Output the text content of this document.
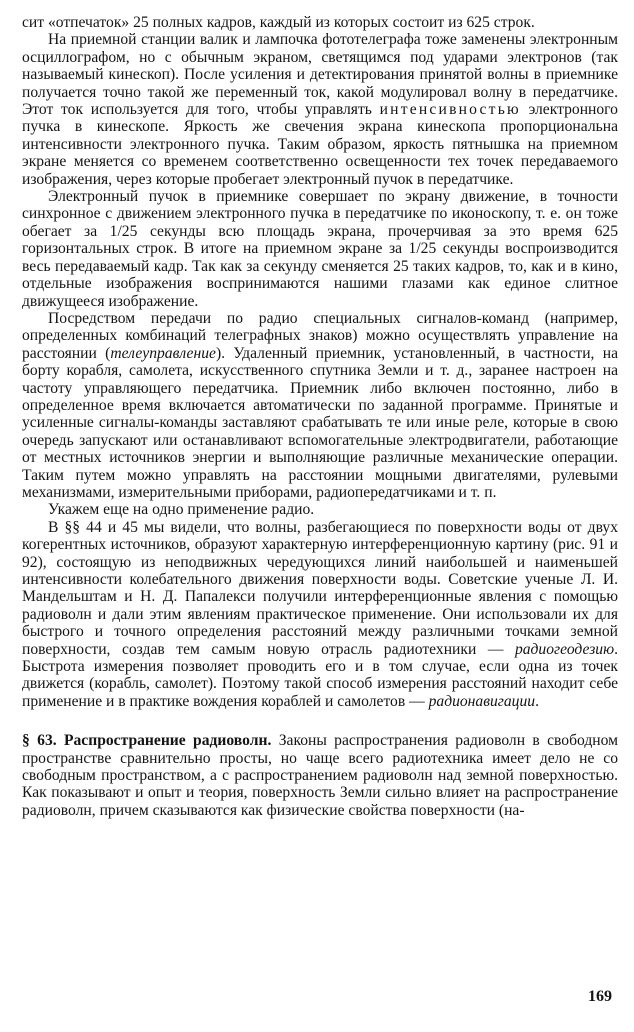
сит «отпечаток» 25 полных кадров, каждый из которых состоит из 625 строк.

На приемной станции валик и лампочка фототелеграфа тоже заменены электронным осциллографом, но с обычным экраном, светящимся под ударами электронов (так называемый кинескоп). После усиления и детектирования принятой волны в приемнике получается точно такой же переменный ток, какой модулировал волну в передатчике. Этот ток используется для того, чтобы управлять интенсивностью электронного пучка в кинескопе. Яркость же свечения экрана кинескопа пропорциональна интенсивности электронного пучка. Таким образом, яркость пятнышка на приемном экране меняется со временем соответственно освещенности тех точек передаваемого изображения, через которые пробегает электронный пучок в передатчике.

Электронный пучок в приемнике совершает по экрану движение, в точности синхронное с движением электронного пучка в передатчике по иконоскопу, т. е. он тоже обегает за 1/25 секунды всю площадь экрана, прочерчивая за это время 625 горизонтальных строк. В итоге на приемном экране за 1/25 секунды воспроизводится весь передаваемый кадр. Так как за секунду сменяется 25 таких кадров, то, как и в кино, отдельные изображения воспринимаются нашими глазами как единое слитное движущееся изображение.

Посредством передачи по радио специальных сигналов-команд (например, определенных комбинаций телеграфных знаков) можно осуществлять управление на расстоянии (телеуправление). Удаленный приемник, установленный, в частности, на борту корабля, самолета, искусственного спутника Земли и т. д., заранее настроен на частоту управляющего передатчика. Приемник либо включен постоянно, либо в определенное время включается автоматически по заданной программе. Принятые и усиленные сигналы-команды заставляют срабатывать те или иные реле, которые в свою очередь запускают или останавливают вспомогательные электродвигатели, работающие от местных источников энергии и выполняющие различные механические операции. Таким путем можно управлять на расстоянии мощными двигателями, рулевыми механизмами, измерительными приборами, радиопередатчиками и т. п.

Укажем еще на одно применение радио.

В §§ 44 и 45 мы видели, что волны, разбегающиеся по поверхности воды от двух когерентных источников, образуют характерную интерференционную картину (рис. 91 и 92), состоящую из неподвижных чередующихся линий наибольшей и наименьшей интенсивности колебательного движения поверхности воды. Советские ученые Л. И. Мандельштам и Н. Д. Папалекси получили интерференционные явления с помощью радиоволн и дали этим явлениям практическое применение. Они использовали их для быстрого и точного определения расстояний между различными точками земной поверхности, создав тем самым новую отрасль радиотехники — радиогеодезию. Быстрота измерения позволяет проводить его и в том случае, если одна из точек движется (корабль, самолет). Поэтому такой способ измерения расстояний находит себе применение и в практике вождения кораблей и самолетов — радионавигации.

§ 63. Распространение радиоволн. Законы распространения радиоволн в свободном пространстве сравнительно просты, но чаще всего радиотехника имеет дело не со свободным пространством, а с распространением радиоволн над земной поверхностью. Как показывают и опыт и теория, поверхность Земли сильно влияет на распространение радиоволн, причем сказываются как физические свойства поверхности (на-

169
